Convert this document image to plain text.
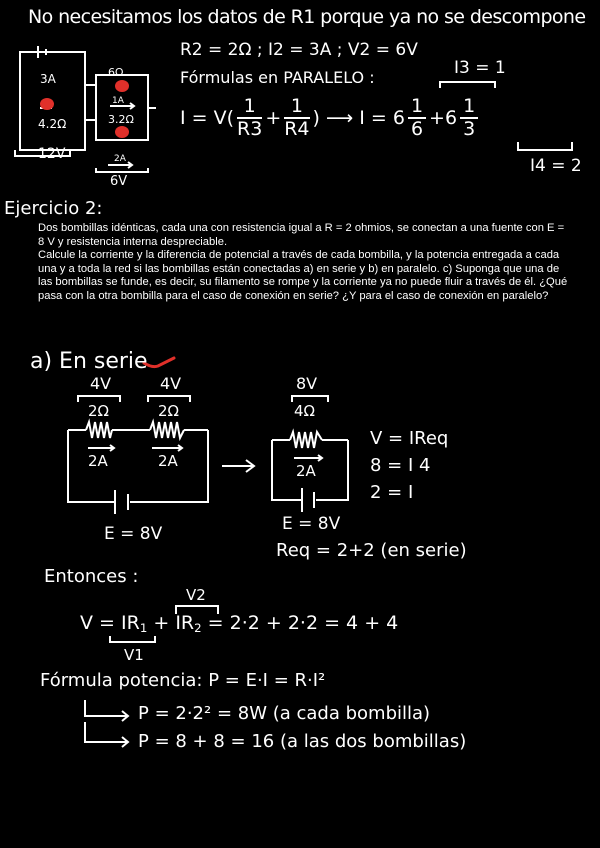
No necesitamos los datos de R1 porque ya no se descompone
4.2Ω
3A
12V
6Ω
1A
3.2Ω
2A
6V
R2 = 2Ω ; I2 = 3A ; V2 = 6V
Fórmulas en PARALELO :	I3 = 1
$I = V( \frac{1}{R3} + \frac{1}{R4}$ ) ⟶ $I = 6 \frac{1}{6} +6 \frac{1}{3}$
I4 = 2
Ejercicio 2:
Dos bombillas idénticas, cada una con resistencia igual a R = 2 ohmios, se conectan a una fuente con E = 8 V y resistencia interna despreciable.
Calcule la corriente y la diferencia de potencial a través de cada bombilla, y la potencia entregada a cada una y a toda la red si las bombillas están conectadas a) en serie y b) en paralelo. c) Suponga que una de las bombillas se funde, es decir, su filamento se rompe y la corriente ya no puede fluir a través de él. ¿Qué pasa con la otra bombilla para el caso de conexión en serie? ¿Y para el caso de conexión en paralelo?
a) En serie
4V
2Ω
2A
4V
2Ω
2A
E = 8V
8V
4Ω
2A
E = 8V
Req = 2+2 (en serie)
V = IReq
8 = I 4
2 = I
Entonces :
V2
$V = IR_1 + IR_2 = 2\cdot 2 + 2\cdot 2 = 4 + 4$
V1
Fórmula potencia: P = E·I = R·I²
P = 2·2² = 8W (a cada bombilla)
P = 8 + 8 = 16 (a las dos bombillas)
